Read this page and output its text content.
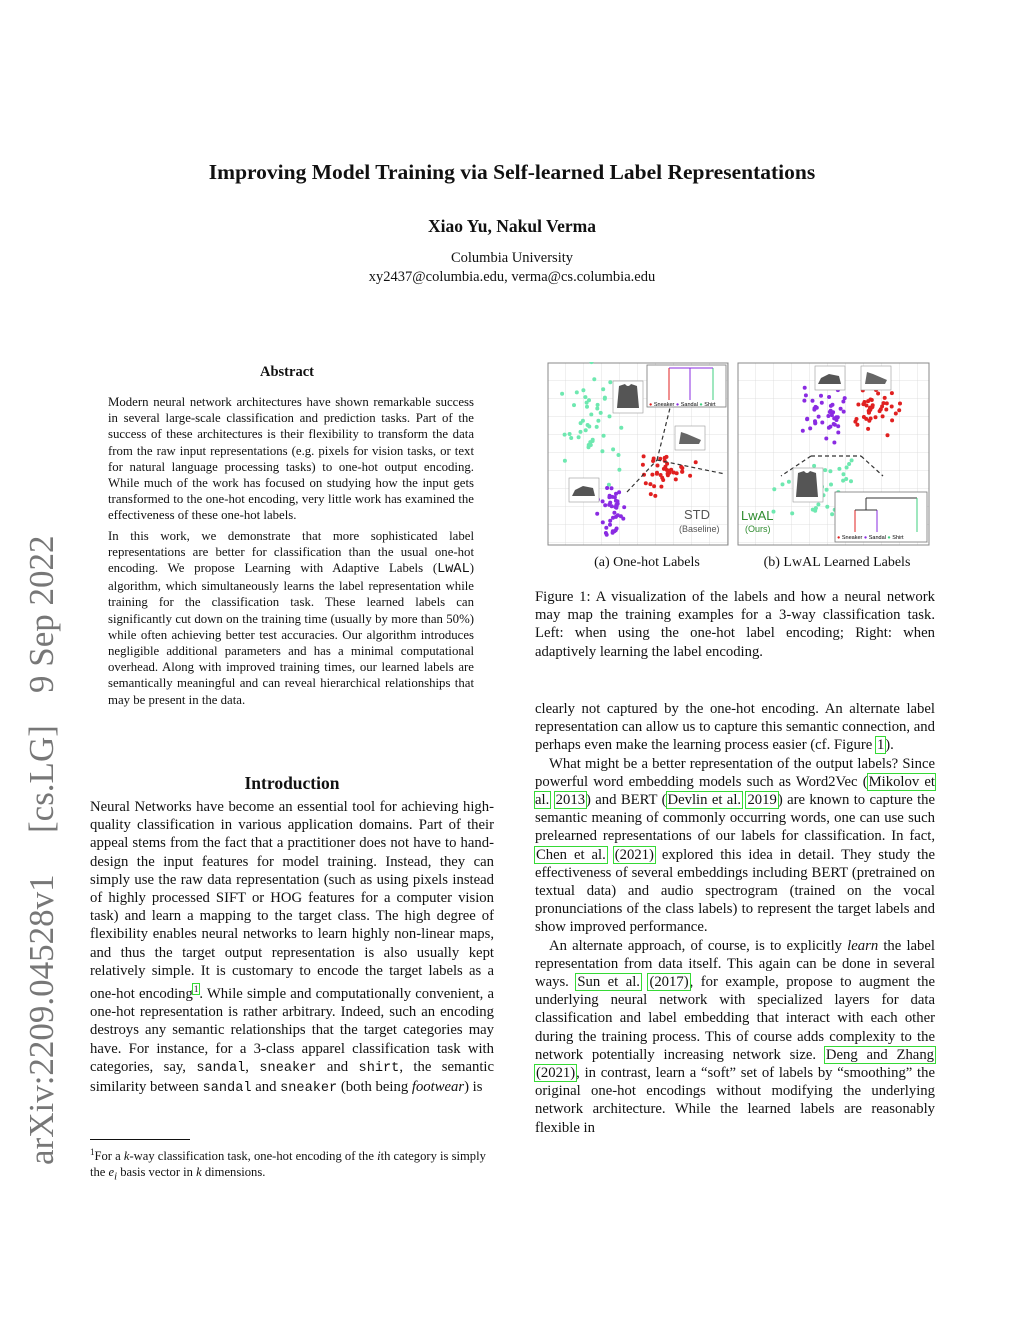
Improving Model Training via Self-learned Label Representations
Xiao Yu, Nakul Verma
Columbia University
xy2437@columbia.edu, verma@cs.columbia.edu
arXiv:2209.04528v1
[cs.LG]
9 Sep 2022
Abstract

Modern neural network architectures have shown remarkable success in several large-scale classification and prediction tasks. Part of the success of these architectures is their flexibility to transform the data from the raw input representations (e.g. pixels for vision tasks, or text for natural language processing tasks) to one-hot output encoding. While much of the work has focused on studying how the input gets transformed to the one-hot encoding, very little work has examined the effectiveness of these one-hot labels.

In this work, we demonstrate that more sophisticated label representations are better for classification than the usual one-hot encoding. We propose Learning with Adaptive Labels (LwAL) algorithm, which simultaneously learns the label representation while training for the classification task. These learned labels can significantly cut down on the training time (usually by more than 50%) while often achieving better test accuracies. Our algorithm introduces negligible additional parameters and has a minimal computational overhead. Along with improved training times, our learned labels are semantically meaningful and can reveal hierarchical relationships that may be present in the data.

Introduction

Neural Networks have become an essential tool for achieving high-quality classification in various application domains. Part of their appeal stems from the fact that a practitioner does not have to hand-design the input features for model training. Instead, they can simply use the raw data representation (such as using pixels instead of highly processed SIFT or HOG features for a computer vision task) and learn a mapping to the target class. The high degree of flexibility enables neural networks to learn highly non-linear maps, and thus the target output representation is also usually kept relatively simple. It is customary to encode the target labels as a one-hot encoding$^1$. While simple and computationally convenient, a one-hot representation is rather arbitrary. Indeed, such an encoding destroys any semantic relationships that the target categories may have. For instance, for a 3-class apparel classification task with categories, say, sandal, sneaker and shirt, the semantic similarity between sandal and sneaker (both being footwear) is

$^1$For a k-way classification task, one-hot encoding of the ith category is simply the $e_i$ basis vector in k dimensions.
● Sneaker ● Sandal ● Shirt
STD
(Baseline)
● Sneaker ● Sandal ● Shirt
LwAL
(Ours)
(a) One-hot Labels	(b) LwAL Learned Labels
Figure 1: A visualization of the labels and how a neural network may map the training examples for a 3-way classification task. Left: when using the one-hot label encoding; Right: when adaptively learning the label encoding.

clearly not captured by the one-hot encoding. An alternate label representation can allow us to capture this semantic connection, and perhaps even make the learning process easier (cf. Figure 1).

What might be a better representation of the output labels? Since powerful word embedding models such as Word2Vec (Mikolov et al. 2013) and BERT (Devlin et al. 2019) are known to capture the semantic meaning of commonly occurring words, one can use such prelearned representations of our labels for classification. In fact, Chen et al. (2021) explored this idea in detail. They study the effectiveness of several embeddings including BERT (pretrained on textual data) and audio spectrogram (trained on the vocal pronunciations of the class labels) to represent the target labels and show improved performance.

An alternate approach, of course, is to explicitly learn the label representation from data itself. This again can be done in several ways. Sun et al. (2017), for example, propose to augment the underlying neural network with specialized layers for data classification and label embedding that interact with each other during the training process. This of course adds complexity to the network potentially increasing network size. Deng and Zhang (2021), in contrast, learn a “soft” set of labels by “smoothing” the original one-hot encodings without modifying the underlying network architecture. While the learned labels are reasonably flexible in
